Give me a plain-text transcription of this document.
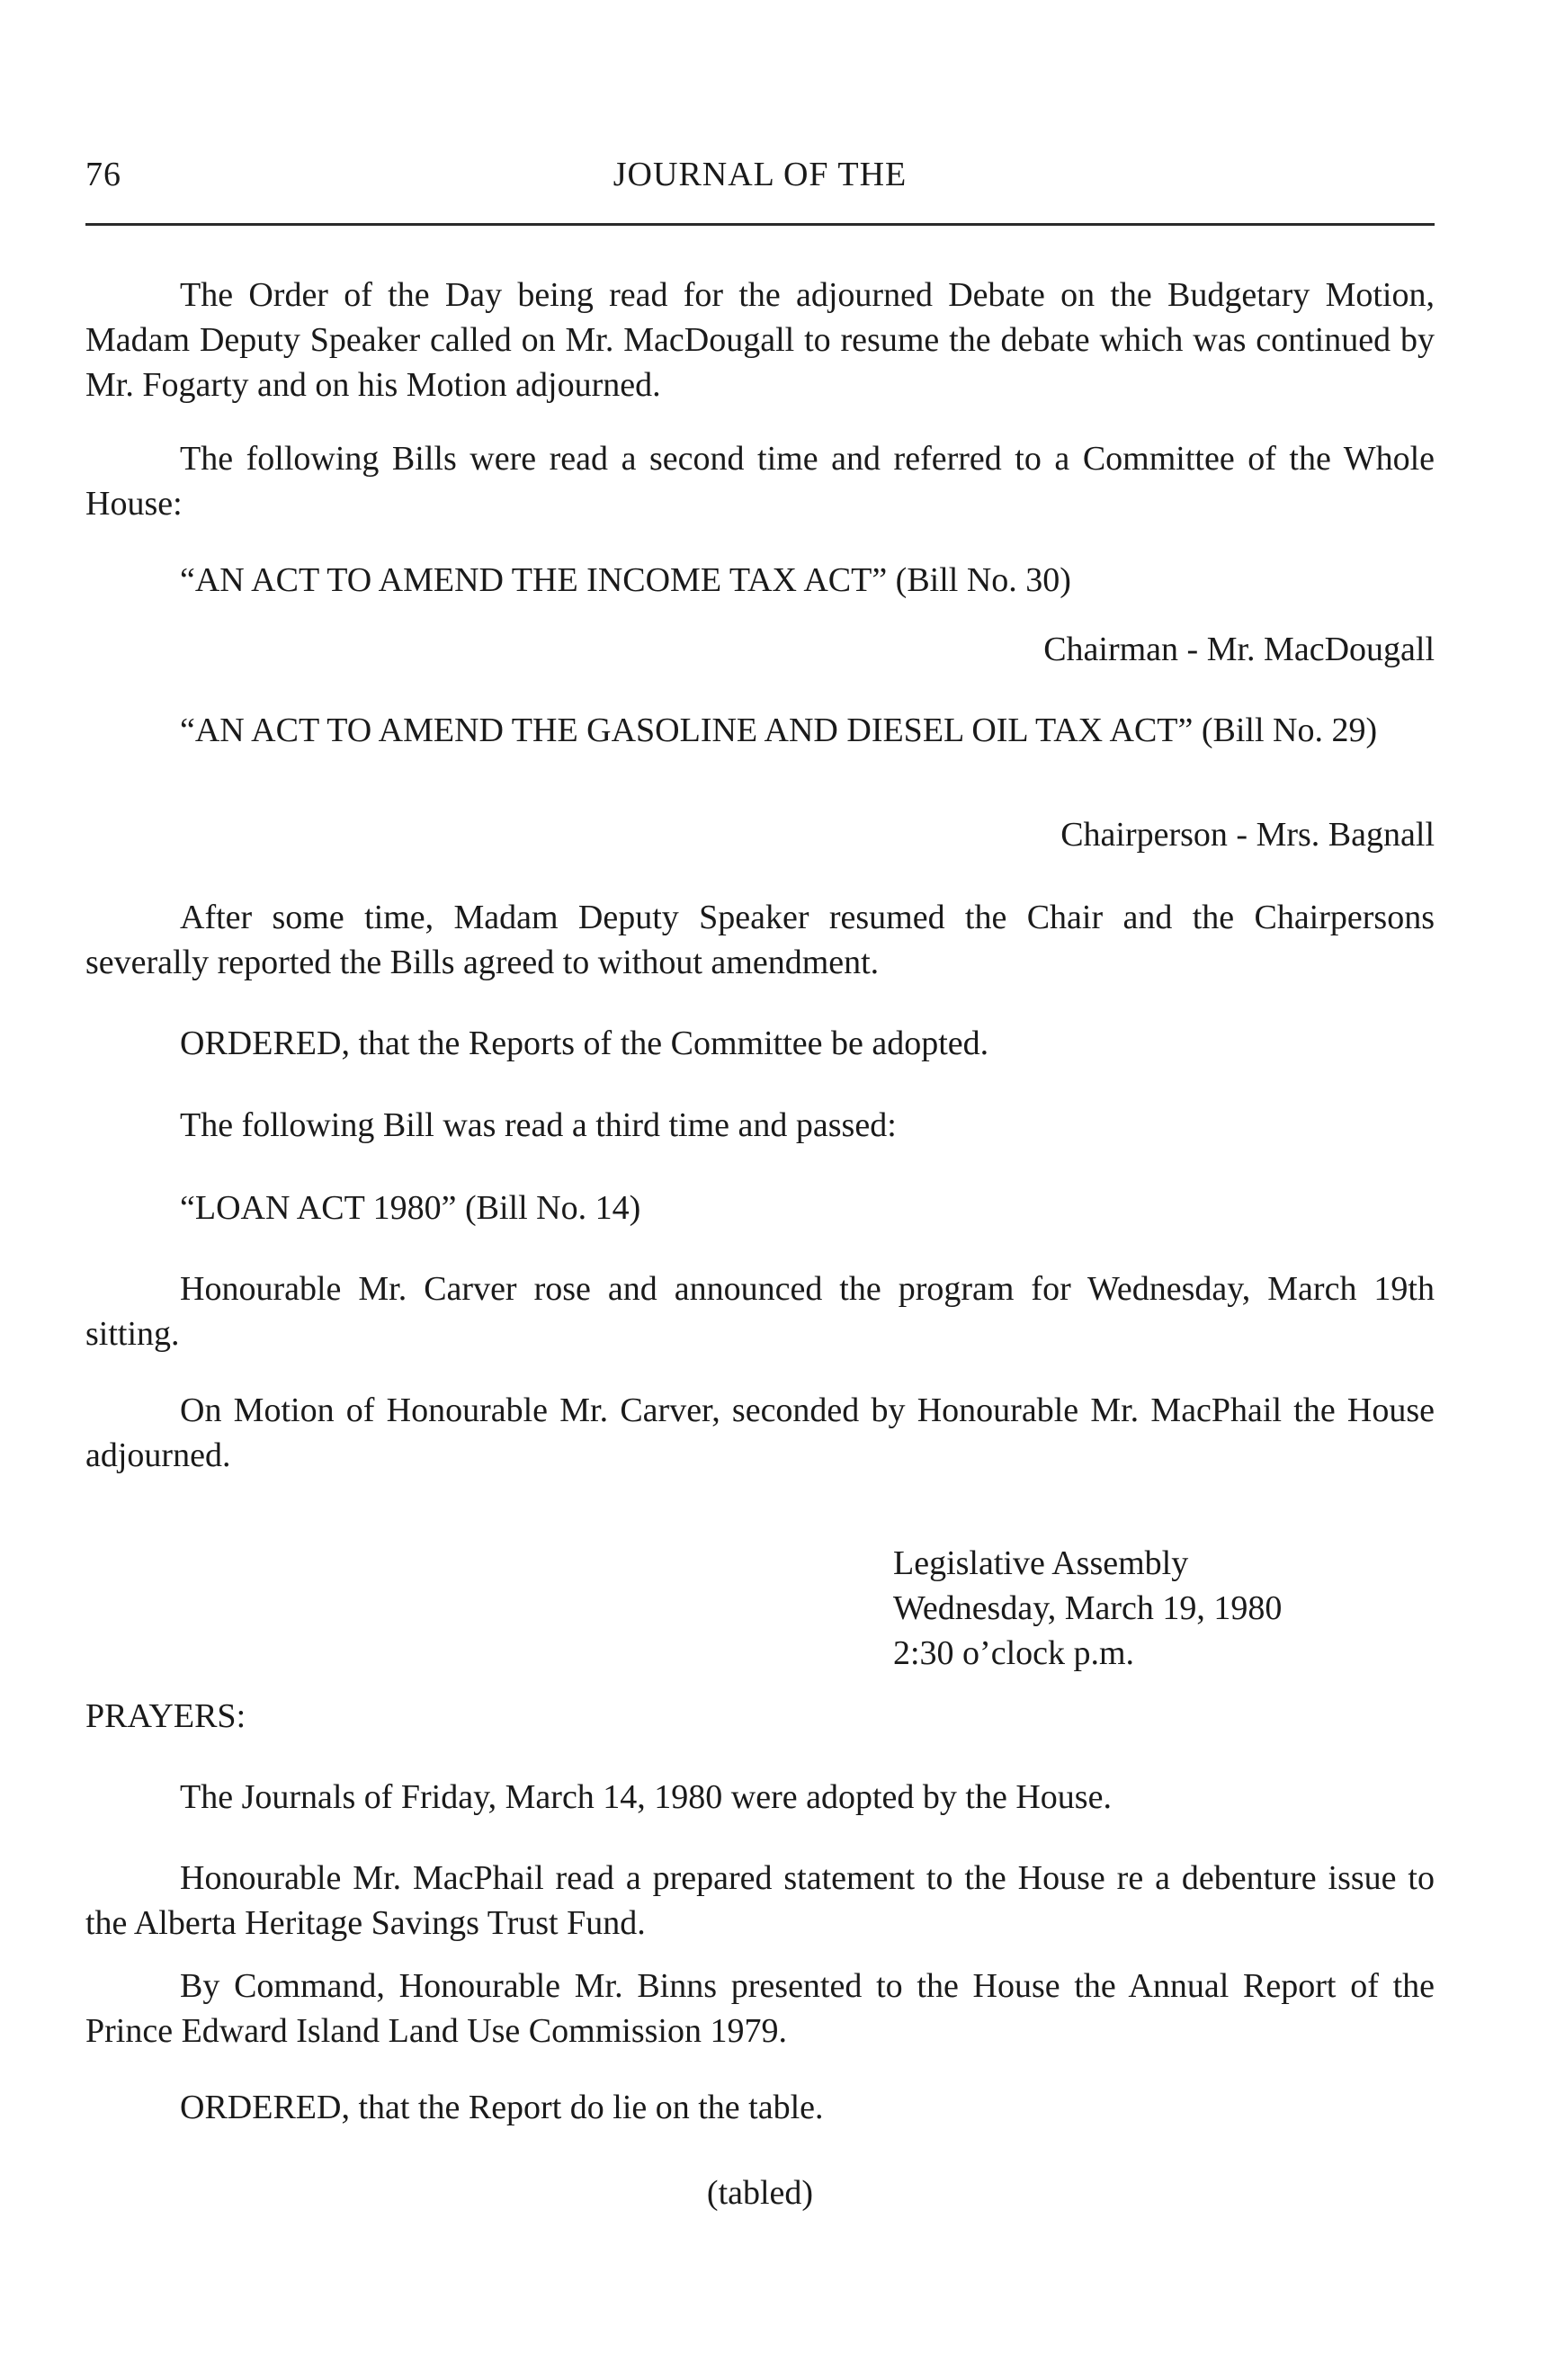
76	JOURNAL OF THE
The Order of the Day being read for the adjourned Debate on the Budgetary Motion, Madam Deputy Speaker called on Mr. MacDougall to resume the debate which was continued by Mr. Fogarty and on his Motion adjourned.
The following Bills were read a second time and referred to a Committee of the Whole House:
“AN ACT TO AMEND THE INCOME TAX ACT” (Bill No. 30)
Chairman - Mr. MacDougall
“AN ACT TO AMEND THE GASOLINE AND DIESEL OIL TAX ACT” (Bill No. 29)
Chairperson - Mrs. Bagnall
After some time, Madam Deputy Speaker resumed the Chair and the Chairpersons severally reported the Bills agreed to without amendment.
ORDERED, that the Reports of the Committee be adopted.
The following Bill was read a third time and passed:
“LOAN ACT 1980” (Bill No. 14)
Honourable Mr. Carver rose and announced the program for Wednesday, March 19th sitting.
On Motion of Honourable Mr. Carver, seconded by Honourable Mr. MacPhail the House adjourned.
Legislative Assembly
Wednesday, March 19, 1980
2:30 o’clock p.m.
PRAYERS:
The Journals of Friday, March 14, 1980 were adopted by the House.
Honourable Mr. MacPhail read a prepared statement to the House re a debenture issue to the Alberta Heritage Savings Trust Fund.
By Command, Honourable Mr. Binns presented to the House the Annual Report of the Prince Edward Island Land Use Commission 1979.
ORDERED, that the Report do lie on the table.
(tabled)
